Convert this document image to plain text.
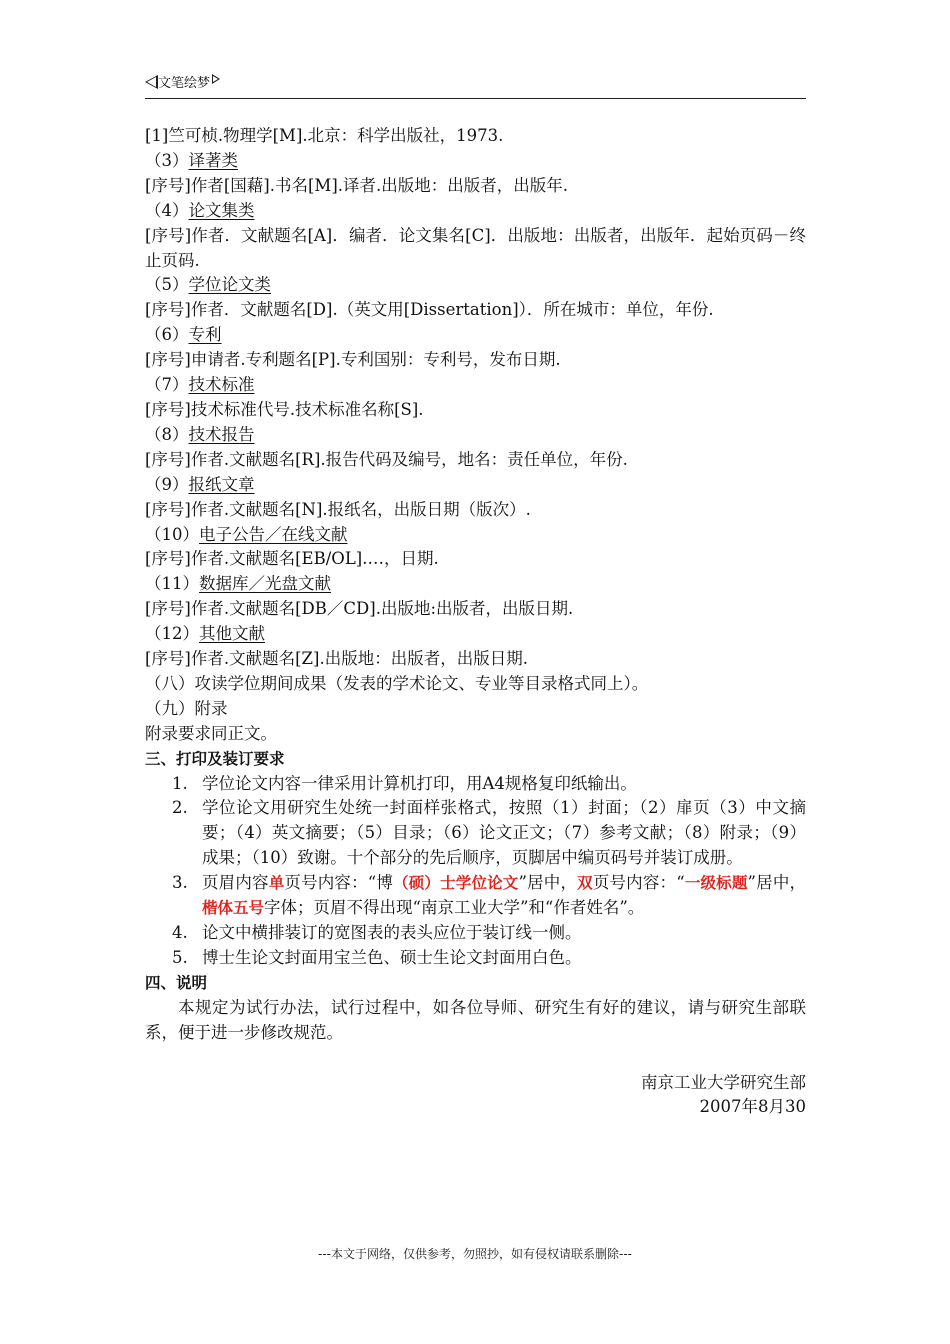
文笔绘梦
[1]竺可桢.物理学[M].北京：科学出版社，1973.
（3）译著类
[序号]作者[国藉].书名[M].译者.出版地：出版者，出版年.
（4）论文集类
[序号]作者．文献题名[A]．编者．论文集名[C]．出版地：出版者，出版年．起始页码－终止页码.
（5）学位论文类
[序号]作者．文献题名[D].（英文用[Dissertation]）．所在城市：单位，年份.
（6）专利
[序号]申请者.专利题名[P].专利国别：专利号，发布日期.
（7）技术标准
[序号]技术标准代号.技术标准名称[S].
（8）技术报告
[序号]作者.文献题名[R].报告代码及编号，地名：责任单位，年份.
（9）报纸文章
[序号]作者.文献题名[N].报纸名，出版日期（版次）.
（10）电子公告／在线文献
[序号]作者.文献题名[EB/OL].…，日期.
（11）数据库／光盘文献
[序号]作者.文献题名[DB／CD].出版地:出版者，出版日期.
（12）其他文献
[序号]作者.文献题名[Z].出版地：出版者，出版日期.
（八）攻读学位期间成果（发表的学术论文、专业等目录格式同上）。
（九）附录
附录要求同正文。
三、打印及装订要求
1. 学位论文内容一律采用计算机打印，用A4规格复印纸输出。
2. 学位论文用研究生处统一封面样张格式，按照（1）封面；（2）扉页（3）中文摘要；（4）英文摘要；（5）目录；（6）论文正文；（7）参考文献；（8）附录；（9）成果；（10）致谢。十个部分的先后顺序，页脚居中编页码号并装订成册。
3. 页眉内容单页号内容：“博（硕）士学位论文”居中，双页号内容：“一级标题”居中，楷体五号字体；页眉不得出现“南京工业大学”和“作者姓名”。
4. 论文中横排装订的宽图表的表头应位于装订线一侧。
5. 博士生论文封面用宝兰色、硕士生论文封面用白色。
四、说明
本规定为试行办法，试行过程中，如各位导师、研究生有好的建议，请与研究生部联系，便于进一步修改规范。
南京工业大学研究生部
2007年8月30
---本文于网络，仅供参考，勿照抄，如有侵权请联系删除---
